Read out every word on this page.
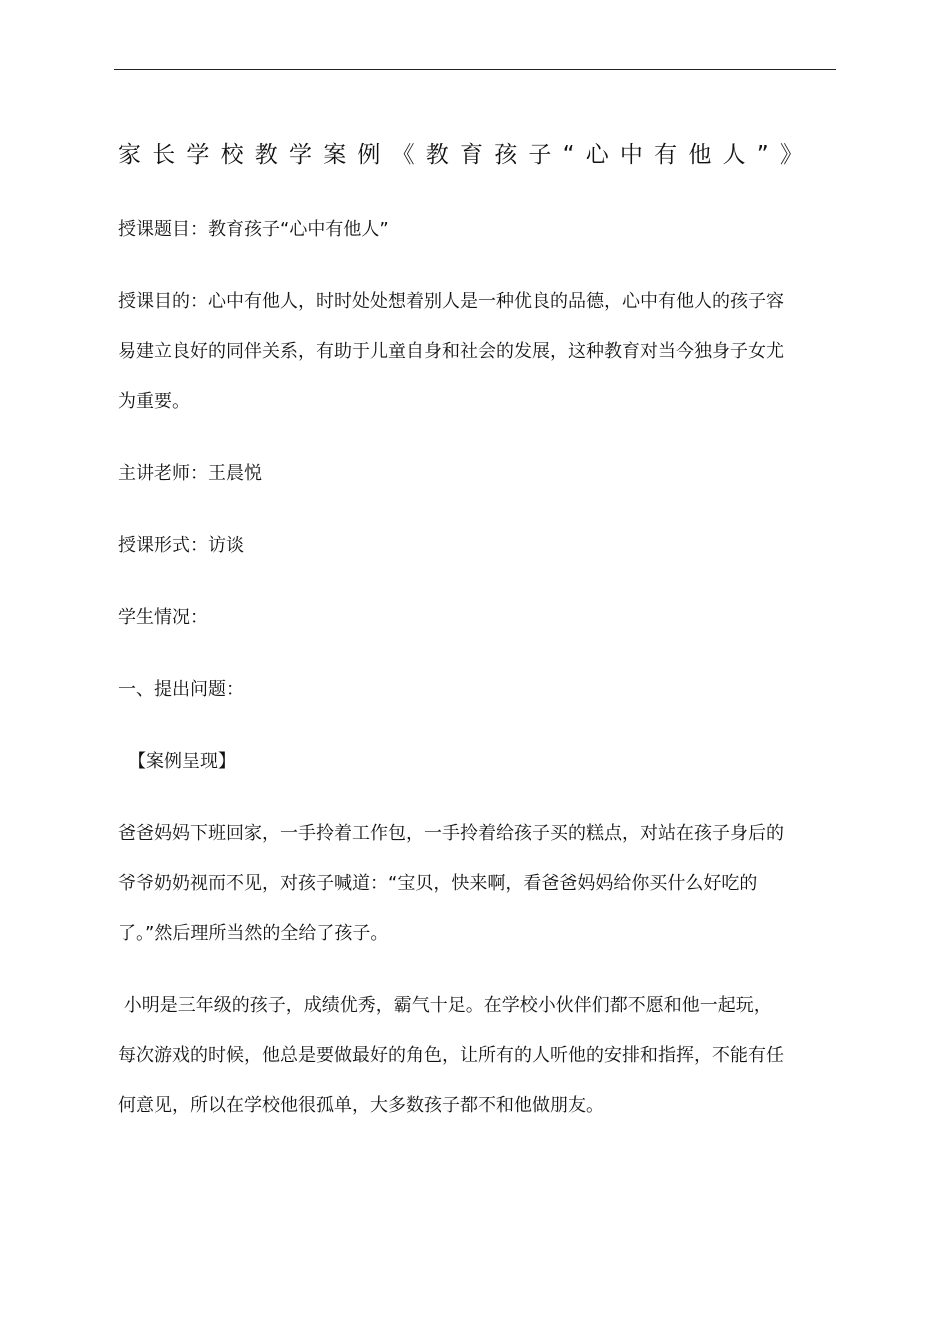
家长学校教学案例《教育孩子“心中有他人”》
授课题目：教育孩子“心中有他人”
授课目的：心中有他人，时时处处想着别人是一种优良的品德，心中有他人的孩子容
易建立良好的同伴关系，有助于儿童自身和社会的发展，这种教育对当今独身子女尤
为重要。
主讲老师：王晨悦
授课形式：访谈
学生情况：
一、提出问题：
【案例呈现】
爸爸妈妈下班回家，一手拎着工作包，一手拎着给孩子买的糕点，对站在孩子身后的
爷爷奶奶视而不见，对孩子喊道：“宝贝，快来啊，看爸爸妈妈给你买什么好吃的
了。”然后理所当然的全给了孩子。
小明是三年级的孩子，成绩优秀，霸气十足。在学校小伙伴们都不愿和他一起玩，
每次游戏的时候，他总是要做最好的角色，让所有的人听他的安排和指挥，不能有任
何意见，所以在学校他很孤单，大多数孩子都不和他做朋友。
